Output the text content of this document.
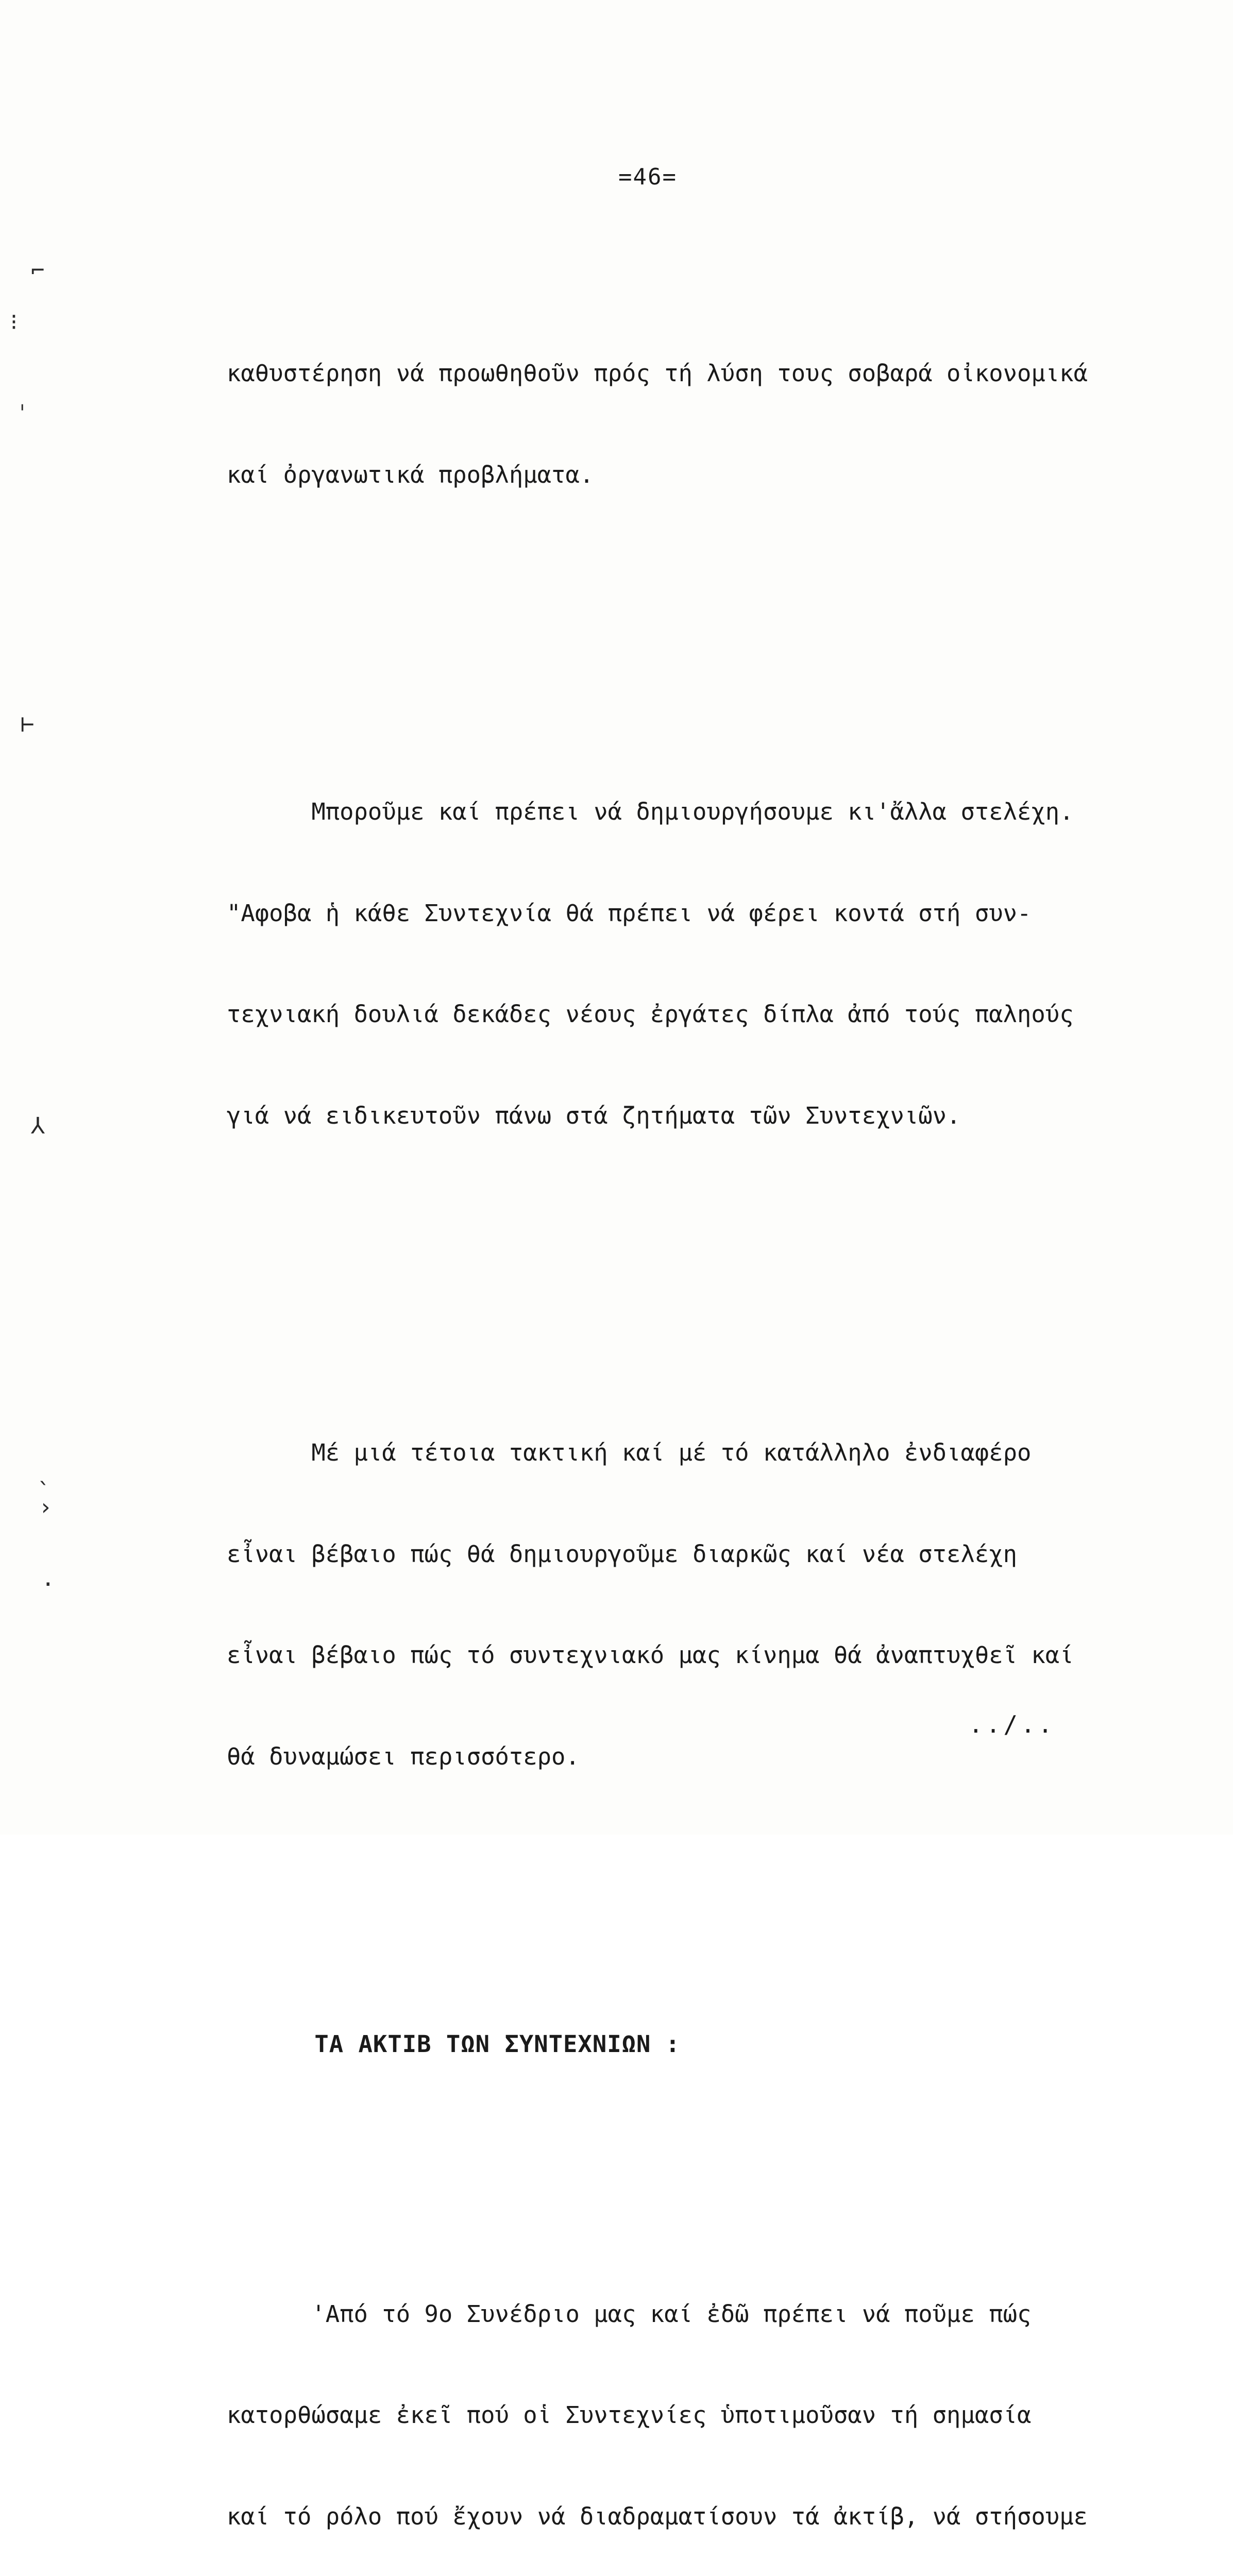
=46=
⌐
⁝
ˌ
⊢
⅄
ˎ
›
·

καθυστέρηση νά προωθηθοῦν πρός τή λύση τους σοβαρά οἰκονομικά

καί ὀργανωτικά προβλήματα.

Μποροῦμε καί πρέπει νά δημιουργήσουμε κι'ἄλλα στελέχη.

"Αφοβα ἡ κάθε Συντεχνία θά πρέπει νά φέρει κοντά στή συν-

τεχνιακή δουλιά δεκάδες νέους ἐργάτες δίπλα ἀπό τούς παληούς

γιά νά ειδικευτοῦν πάνω στά ζητήματα τῶν Συντεχνιῶν.

Μέ μιά τέτοια τακτική καί μέ τό κατάλληλο ἐνδιαφέρο

εἶναι βέβαιο πώς θά δημιουργοῦμε διαρκῶς καί νέα στελέχη

εἶναι βέβαιο πώς τό συντεχνιακό μας κίνημα θά ἀναπτυχθεῖ καί

θά δυναμώσει περισσότερο.

ΤΑ ΑΚΤΙΒ ΤΩΝ ΣΥΝΤΕΧΝΙΩΝ :

'Από τό 9ο Συνέδριο μας καί ἐδῶ πρέπει νά ποῦμε πώς

κατορθώσαμε ἐκεῖ πού οἱ Συντεχνίες ὑποτιμοῦσαν τή σημασία

καί τό ρόλο πού ἔχουν νά διαδραματίσουν τά ἀκτίβ, νά στήσουμε

../..
